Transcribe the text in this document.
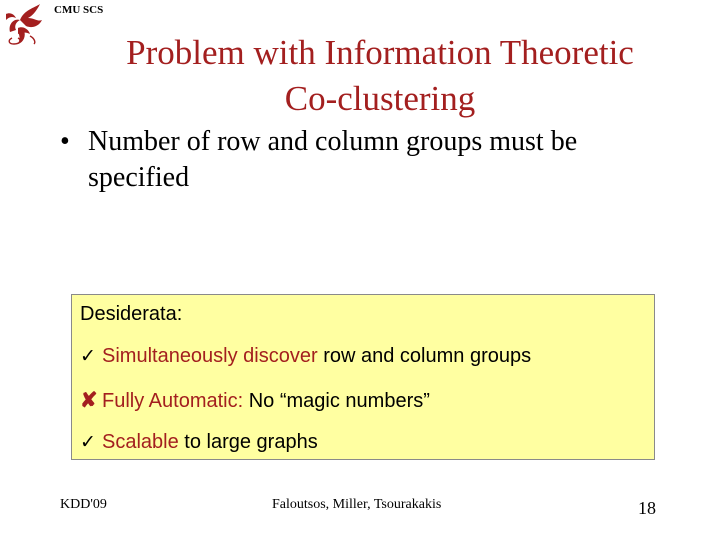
CMU SCS
Problem with Information Theoretic
Co-clustering
• Number of row and column groups must be specified
Desiderata:
✓ Simultaneously discover row and column groups
✘ Fully Automatic: No “magic numbers”
✓ Scalable to large graphs
KDD'09	Faloutsos, Miller, Tsourakakis	18
